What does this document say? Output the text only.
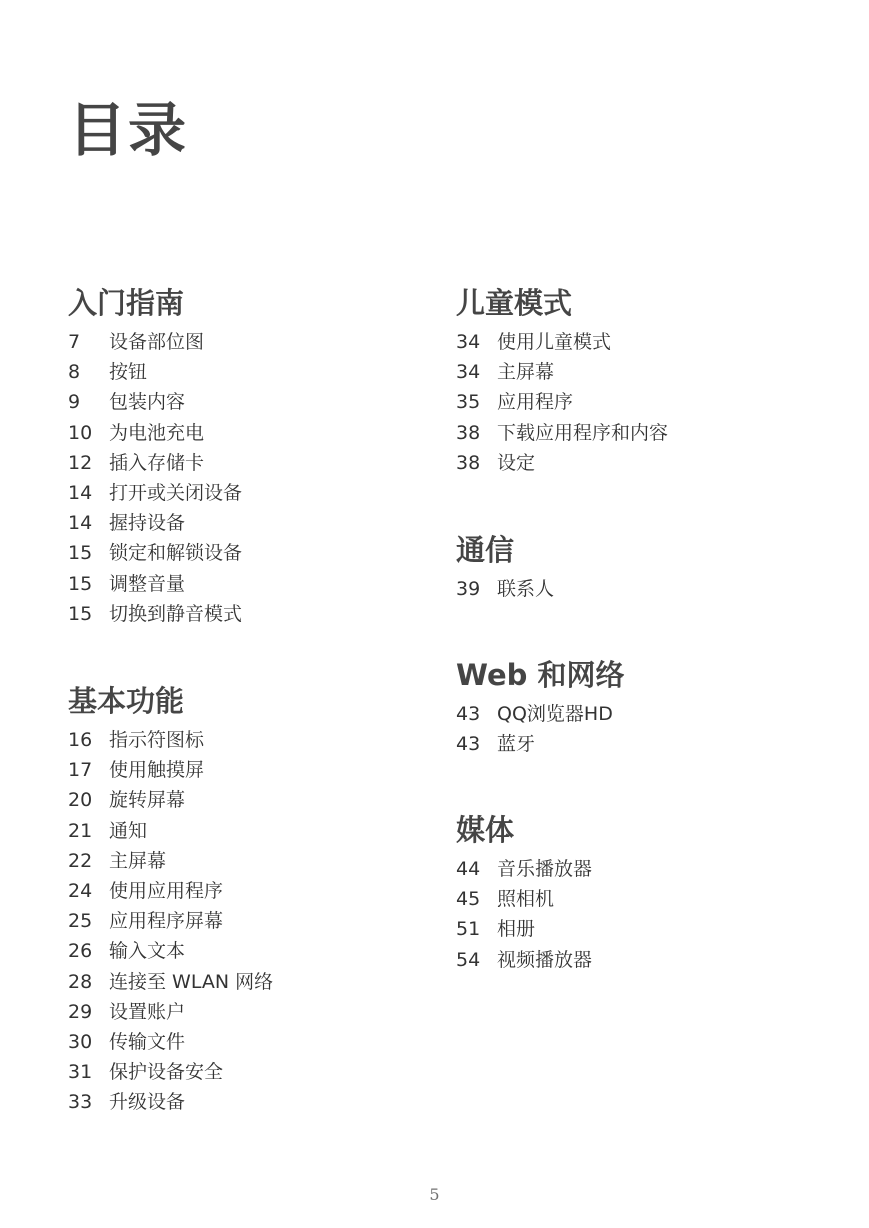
目录
入门指南
7 设备部位图
8 按钮
9 包装内容
10 为电池充电
12 插入存储卡
14 打开或关闭设备
14 握持设备
15 锁定和解锁设备
15 调整音量
15 切换到静音模式
基本功能
16 指示符图标
17 使用触摸屏
20 旋转屏幕
21 通知
22 主屏幕
24 使用应用程序
25 应用程序屏幕
26 输入文本
28 连接至 WLAN 网络
29 设置账户
30 传输文件
31 保护设备安全
33 升级设备
儿童模式
34 使用儿童模式
34 主屏幕
35 应用程序
38 下载应用程序和内容
38 设定
通信
39 联系人
Web 和网络
43 QQ浏览器HD
43 蓝牙
媒体
44 音乐播放器
45 照相机
51 相册
54 视频播放器
5
